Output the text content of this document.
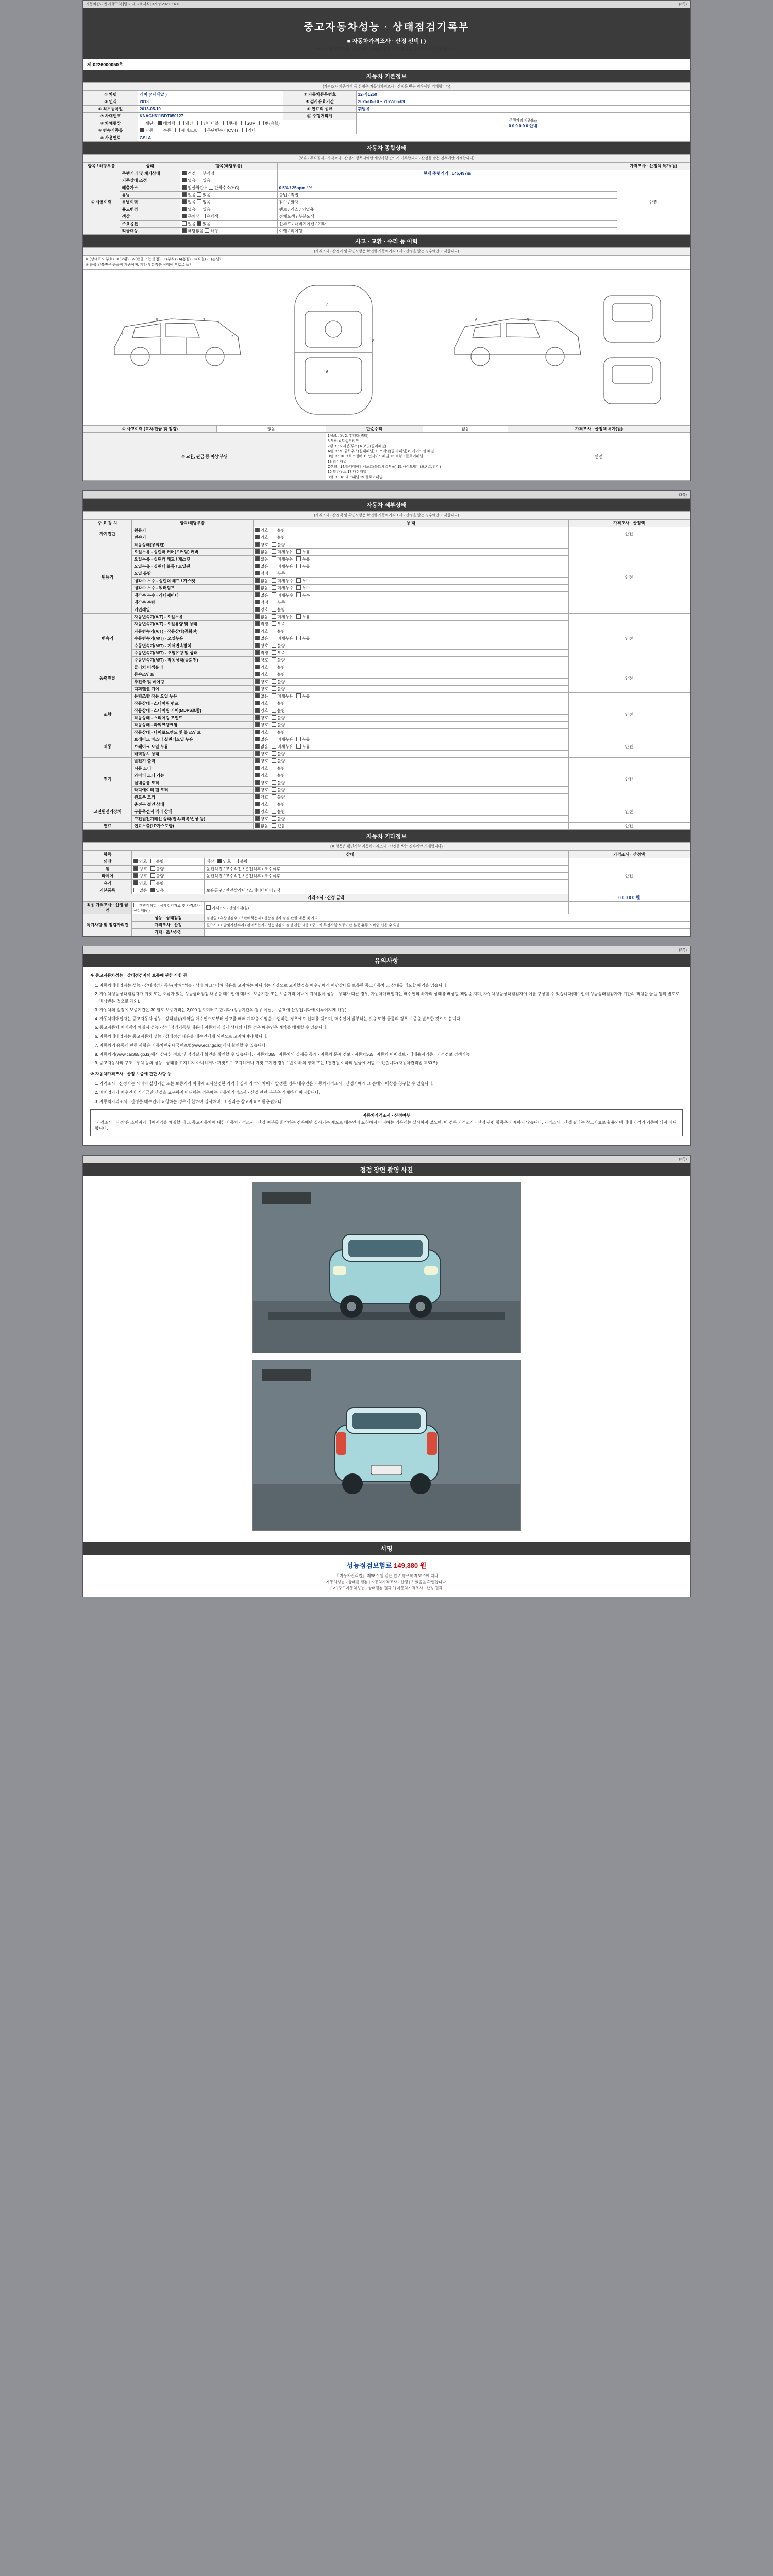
자동차관리법 시행규칙 [별지 제82호서식] <개정 2021.1.6.>	(3쪽)
중고자동차성능 · 상태점검기록부
■ 자동차가격조사 · 산정 선택 ( )
※ 자동차가격조사 · 산정에서 제외된 경우 해당 항목을 체크해 주시기 바랍니다.
제 0226000050호
자동차 기본정보
(가격조사 기준가격 등 산정은 자동차가격조사 · 산정을 받는 경우에만 기재합니다)
① 차명	레이 (4세대알 )	② 자동차등록번호	12-가1250
③ 연식	2013	④ 검사유효기간	2025-05-10 ~ 2027-05-09
⑤ 최초등록일	2013-05-10	⑥ 연료의 종류	휘발유
⑦ 차대번호	KNACH811BDT050127	⑪ 주행거리계	주행거리 기준(㎞)
0 0 0 0 0 0 안내

⑧ 차체형상	세단 해치백 왜건 컨버터블 쿠페 SUV 밴(승합)		
⑨ 변속기종류	자동 수동 세미오토 무단변속기(CVT) 기타		
⑩ 사용연료	GSLA		
자동차 종합상태
(보유 · 주요골격 · 가격조사 · 산정가 항목시에만 해당사항 반드시 기록합니다 · 산정을 받는 경우에만 기재합니다)
항목 / 해당부품	상태	항목(해당부품)		가격조사 · 산정액 특가(원)
① 사용이력	주행거리 및 계기상태	적정 부적정	현재 주행거리 | 145,497㎞	안전
	기준상태 조정	없음 있음		
	배출가스	일산화탄소 탄화수소(HC)	0.5% / 25ppm / %	
	튜닝	없음 있음	불법 / 적법	
	특별이력	없음 있음	침수 / 화재	
	용도변경	없음 있음	렌트 / 리스 / 영업용	
	색상	무채색 유채색	전체도색 / 부분도색	
	주요옵션	없음 있음	선루프 / 내비게이션 / 기타	
	리콜대상	해당없음 해당	이행 / 미이행	
사고 · 교환 · 수리 등 이력
(가격조사 · 산정이 및 확인사항은 확인한 자동차가격조사 · 산정을 받는 경우에만 기재합니다)
※ (상태표시 부호) : X(교환) · W(판금 또는 용접) · C(부식) · A(흠집) · U(요철) · T(손상)
※ 좌측 양쪽면은 숨골적 기준이며, 기타 부분적은 상태에 부호로 표시
6	3
2
4
7
9
8
6	3
① 사고이력 (교차/판금 및 점검)	없음	단순수리	없음	가격조사 · 산정액 특가(원)
② 교환, 판금 등 이상 부위	
1랭크 : ②. 2. 후휀더(쿼터)
3.도어 4.트렁크리드
2랭크 : 5.지붕(루프) 6.보닛(필러패널)
A랭크 : 9. 휠하우스(실내패널) 7. 프레임(필러 패널) 8. 사이드실 패널
B랭크 : 10.크로스멤버 11.인사이드패널 12.트렁크플로어패널
13.리어패널
C랭크 : 14.라디에이터서포트(볼트체결부품) 15.사이드멤버(프론트/리어)
16.휠하우스 17.대쉬패널
D랭크 : 18.데크패널 19.플로어패널
	안전

(3쪽)
자동차 세부상태
(가격조사 · 산정액 및 확인사항은 확인한 자동차가격조사 · 산정을 받는 경우에만 기재합니다)
주 요 장 치	항목/해당부품	상 태	가격조사 · 산정액
자기진단	원동기	양호 불량	안전
	변속기	양호 불량	
원동기	작동상태(공회전)	양호 불량	안전
	오일누유 - 실린더 커버(로커암) 커버	없음 미세누유 누유	
	오일누유 - 실린더 헤드 / 개스킷	없음 미세누유 누유	
	오일누유 - 실린더 블록 / 오일팬	없음 미세누유 누유	
	오일 유량	적정 부족	
	냉각수 누수 - 실린더 헤드 / 가스켓	없음 미세누수 누수	
	냉각수 누수 - 워터펌프	없음 미세누수 누수	
	냉각수 누수 - 라디에이터	없음 미세누수 누수	
	냉각수 수량	적정 부족	
	커먼레일	양호 불량	
변속기	자동변속기(A/T) - 오일누유	없음 미세누유 누유	안전
	자동변속기(A/T) - 오일유량 및 상태	적정 부족	
	자동변속기(A/T) - 작동상태(공회전)	양호 불량	
	수동변속기(M/T) - 오일누유	없음 미세누유 누유	
	수동변속기(M/T) - 기어변속장치	양호 불량	
	수동변속기(M/T) - 오일유량 및 상태	적정 부족	
	수동변속기(M/T) - 작동상태(공회전)	양호 불량	
동력전달	클러치 어셈블리	양호 불량	안전
	등속조인트	양호 불량	
	추진축 및 베어링	양호 불량	
	디퍼렌셜 기어	양호 불량	
조향	동력조향 작동 오일 누유	없음 미세누유 누유	안전
	작동상태 - 스티어링 펌프	양호 불량	
	작동상태 - 스티어링 기어(MDPS포함)	양호 불량	
	작동상태 - 스티어링 조인트	양호 불량	
	작동상태 - 파워크랭크암	양호 불량	
	작동상태 - 타이로드엔드 및 볼 조인트	양호 불량	
제동	브레이크 마스터 실린더오일 누유	없음 미세누유 누유	안전
	브레이크 오일 누유	없음 미세누유 누유	
	배력장치 상태	양호 불량	
전기	발전기 출력	양호 불량	안전
	시동 모터	양호 불량	
	와이퍼 모터 기능	양호 불량	
	실내송풍 모터	양호 불량	
	라디에이터 팬 모터	양호 불량	
	윈도우 모터	양호 불량	
고전원전기장치	충전구 절연 상태	양호 불량	안전
	구동축전지 격리 상태	양호 불량	
	고전원전기배선 상태(접속/피복/손상 등)	양호 불량	
연료	연료누출(LP가스포함)	없음 있음	안전
자동차 기타정보
(※ 항목은 확인사항 자동차가격조사 · 산정을 받는 경우에만 기재합니다)
항목	상태		가격조사 · 산정액
외장	양호 불량	내장 양호 불량	안전
휠	양호 불량	운전석전 / 조수석전 / 운전석후 / 조수석후	
타이어	양호 불량	운전석전 / 조수석전 / 운전석후 / 조수석후	
유리	양호 불량		
기본품목	없음 있음	보유공구 / 안전삼각대 / 스페어타이어 / 잭	
가격조사 · 산정 금액			0 0 0 0 0 원
최종 가격조사 · 산정 금액	객관적사항 · 상태점검자료 및 가격조사 · 산정액(원)	가격조사 · 산정가격(원)	
특기사항 및 점검자의견	성능 · 상태점검	점검일 / 유상점검수리 / 판매하는자 / 성능점검자 점검 관한 내용 및 기타	
	가격조사 · 산정	필요시 / 조달및자산수리 / 판매하는자 / 성능점검자 점검 관한 내용 / 중고차 특정사항 보증이란 본문 유통 도매업 신용 수 있음	
	기재 · 조사산정		

(3쪽)
유의사항

※ 중고자동차성능 · 상태점검자의 보증에 관한 사항 등

1. 자동차매매업자는 성능 · 상태점검기록부(이하 "성능 · 상태 체크" 이하 내용을 고지하는 아니라는 거짓으로 고지할것을 매수인에게 해당상태를 보증한 중고자동차 그 상태를 매도할 때임을 읽습니다.
2. 자동차성능상태점검자가 거짓 또는 오류가 있는 성능상태점검 내용을 매수인에 대하여 보증기간 또는 보증거리 이내에 지체없이 성능 · 상태가 다른 경우, 자동차매매업자는 매수인의 하자의 상태를 배상할 책임을 지며, 자동차성능상태점검자에 이를 구상할 수 있습니다(매수인이 성능상태점검자가 기관의 책임을 물을 행위 별도로 배상받은 것으로 제외).
3. 자동차의 실질에 보증기간은 30 일로 보증거리는 2,000 킬로미터로 합니다 (성능기간의 경우 이날, 보증책에 산정됩니다에 이루어지게 해당).
4. 자동차매매업자는 중고자동차 성능 · 상태점검(계약을 매수인으로부터 신고를 매매 계약을 이행을 수립하는 경우에도 신뢰를 맺으며, 매수인이 발부하는 것을 또한 물품의 경우 보증을 발부한 것으로 봅니다.
5. 중고자동차 매매계약 체결시 성능 · 상태점검기록부 내용이 자동차의 실제 상태와 다른 경우 매수인은 계약을 해제할 수 있습니다.
6. 자동차매매업자는 중고자동차 성능 · 상태점검 내용을 매수인에게 서면으로 고지하여야 합니다.
7. 자동차의 유통에 관한 사항은 자동차민원대국민포털(www.ecar.go.kr)에서 확인할 수 있습니다.
8. 자동차의(www.car365.go.kr)에서 상세한 정보 및 점검결과 확인을 확인할 수 있습니다. · 자동차365 : 자동차의 실제를 공개 · 자동차 문제 정보 · 자동차365 : 자동차 이력정보 · 매매용자격증 · 가격정보 검색가능
9. 중고자동차의 구조 · 장치 등의 성능 · 상태를 고지하지 아니하거나 거짓으로 고지하거나 거짓 고지한 경우 1년 이하의 징역 또는 1천만원 이하의 벌금에 처할 수 있습니다(자동차관리법 제80조).

※ 자동차가격조사 · 산정 보증에 관한 사항 등

1. 가격조사 · 산정자는 사비의 실행기간 또는 보증거리 이내에 조사산정한 가격과 실제 가격의 차이가 발생한 경우 매수인은 자동차가격조사 · 산정자에게 그 손해의 배상을 청구할 수 있습니다.
2. 매매업자가 매수인이 거래금만 산정을 요구하지 아니하는 경우에는 자동차가격조사 · 산정 관련 부분은 기재하지 아니합니다.
3. 자동차가격조사 · 산정은 매수인이 요청하는 경우에 한하여 실시하며, 그 결과는 참고자료로 활용됩니다.
자동차가격조사 · 산정여부
"가격조사 · 산정"은 소비자가 매매계약을 체결할 때 그 중고자동차에 대한 자동차가격조사 · 산정 여부를 희망하는 경우에만 실시되는 제도로 매수인이 요청하지 아니하는 경우에는 실시하지 않으며, 이 경우 가격조사 · 산정 관련 항목은 기재하지 않습니다. 가격조사 · 산정 결과는 참고자료로 활용되며 매매 가격의 기준이 되지 아니합니다.

(3쪽)
점검 장면 촬영 사진
서명
성능점검보험료 149,380 원
「 자동차관리법」 제58조 및 같은 법 시행규칙 제35조에 따라
자동차성능 · 상태를 점검 | 자동차가격조사 · 산정 | 하였음을 확인합니다.
[ V ] 중고자동차성능 · 상태점검 결과 [ ] 자동차가격조사 · 산정 결과
